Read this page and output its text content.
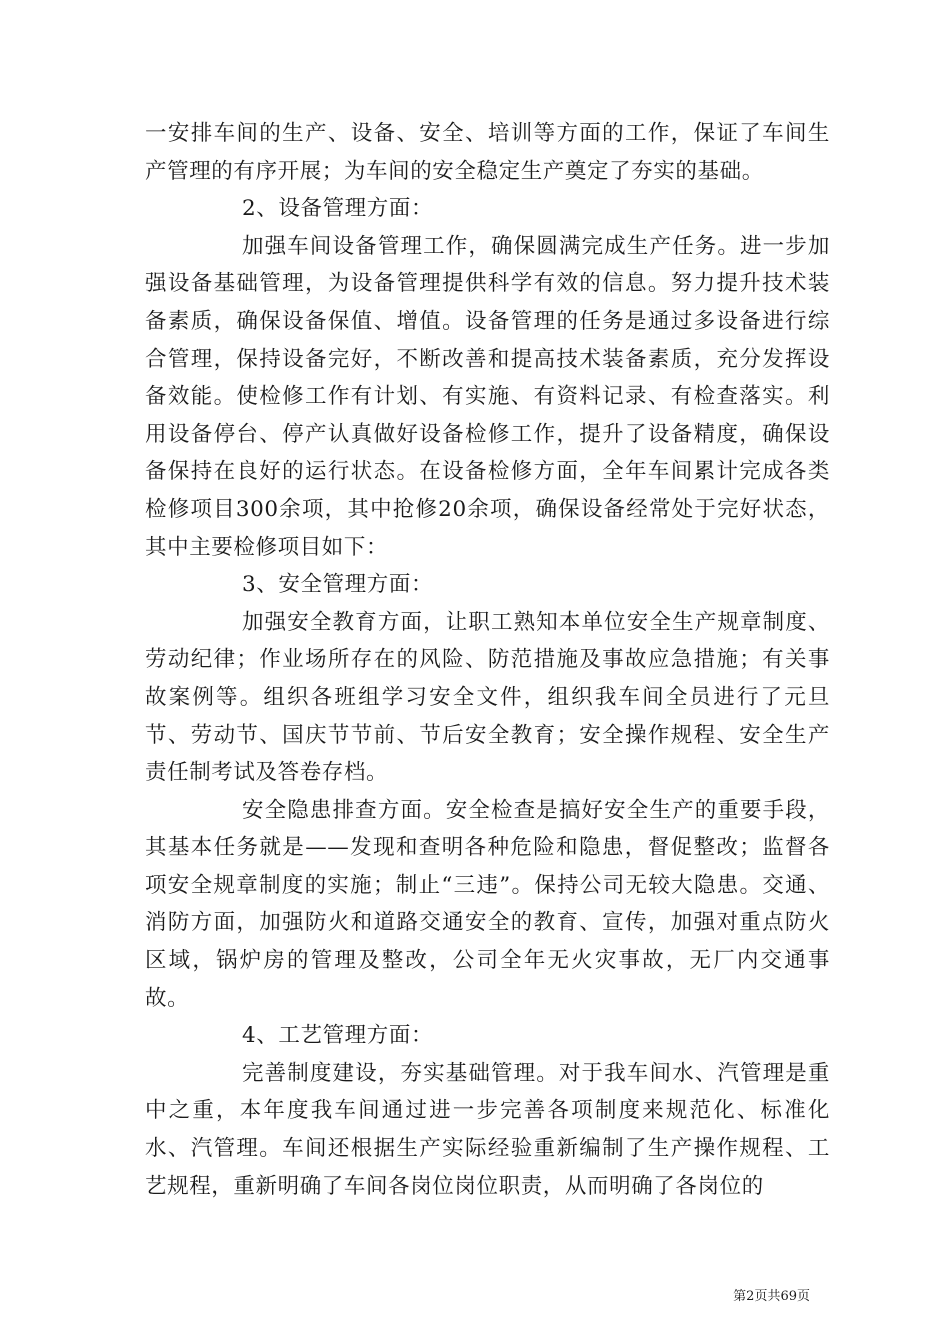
一安排车间的生产、设备、安全、培训等方面的工作，保证了车间生产管理的有序开展；为车间的安全稳定生产奠定了夯实的基础。

2、设备管理方面：

加强车间设备管理工作，确保圆满完成生产任务。进一步加强设备基础管理，为设备管理提供科学有效的信息。努力提升技术装备素质，确保设备保值、增值。设备管理的任务是通过多设备进行综合管理，保持设备完好，不断改善和提高技术装备素质，充分发挥设备效能。使检修工作有计划、有实施、有资料记录、有检查落实。利用设备停台、停产认真做好设备检修工作，提升了设备精度，确保设备保持在良好的运行状态。在设备检修方面，全年车间累计完成各类检修项目300余项，其中抢修20余项，确保设备经常处于完好状态，其中主要检修项目如下：

3、安全管理方面：

加强安全教育方面，让职工熟知本单位安全生产规章制度、劳动纪律；作业场所存在的风险、防范措施及事故应急措施；有关事故案例等。组织各班组学习安全文件，组织我车间全员进行了元旦节、劳动节、国庆节节前、节后安全教育；安全操作规程、安全生产责任制考试及答卷存档。

安全隐患排查方面。安全检查是搞好安全生产的重要手段，其基本任务就是——发现和查明各种危险和隐患，督促整改；监督各项安全规章制度的实施；制止“三违”。保持公司无较大隐患。交通、消防方面，加强防火和道路交通安全的教育、宣传，加强对重点防火区域，锅炉房的管理及整改，公司全年无火灾事故，无厂内交通事故。

4、工艺管理方面：

完善制度建设，夯实基础管理。对于我车间水、汽管理是重中之重，本年度我车间通过进一步完善各项制度来规范化、标准化水、汽管理。车间还根据生产实际经验重新编制了生产操作规程、工艺规程，重新明确了车间各岗位岗位职责，从而明确了各岗位的

第2页共69页
